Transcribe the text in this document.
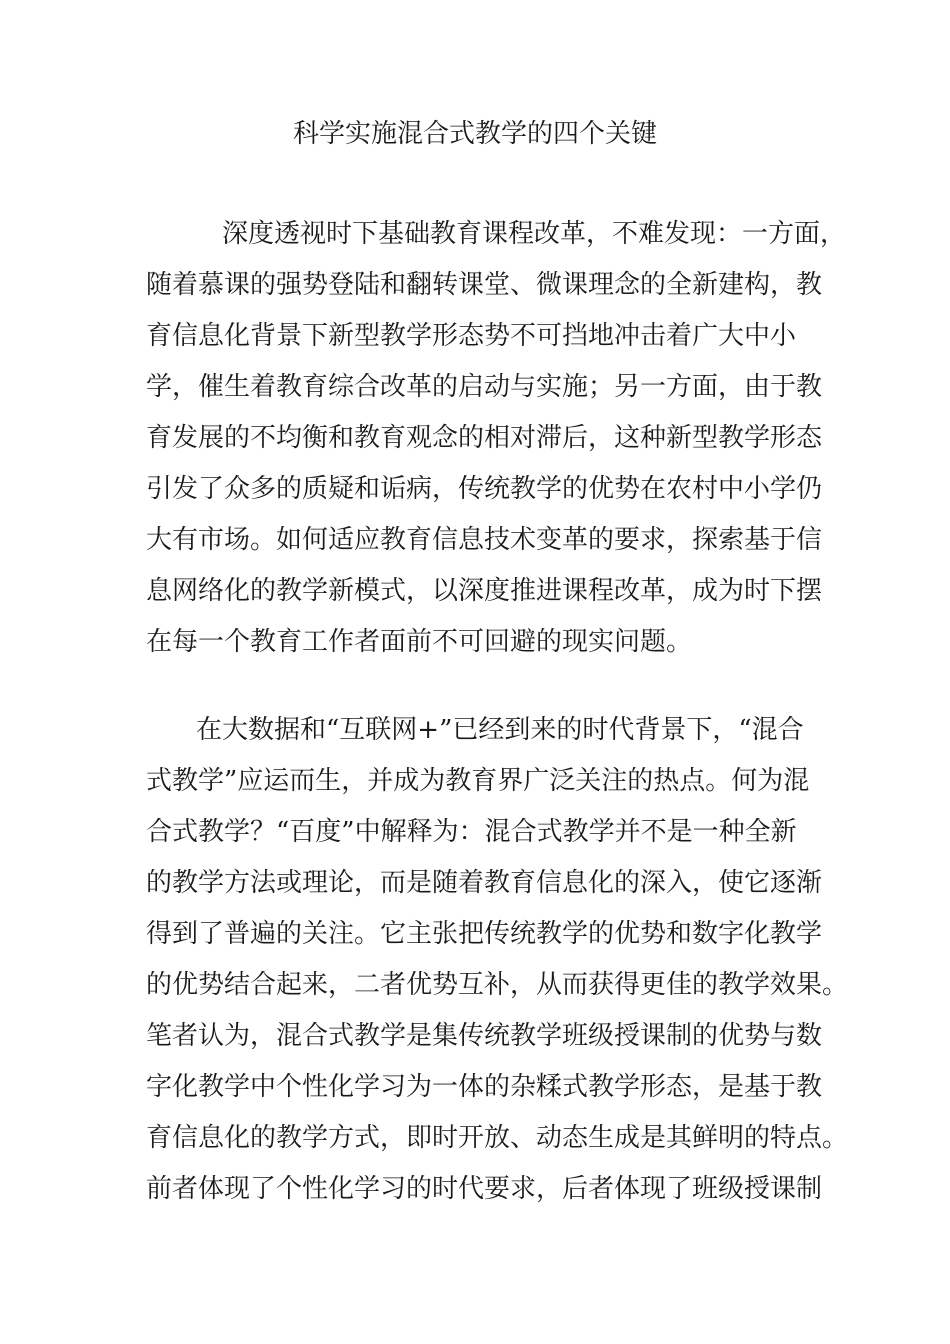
科学实施混合式教学的四个关键
深度透视时下基础教育课程改革，不难发现：一方面，
随着慕课的强势登陆和翻转课堂、微课理念的全新建构，教
育信息化背景下新型教学形态势不可挡地冲击着广大中小
学，催生着教育综合改革的启动与实施；另一方面，由于教
育发展的不均衡和教育观念的相对滞后，这种新型教学形态
引发了众多的质疑和诟病，传统教学的优势在农村中小学仍
大有市场。如何适应教育信息技术变革的要求，探索基于信
息网络化的教学新模式，以深度推进课程改革，成为时下摆
在每一个教育工作者面前不可回避的现实问题。
在大数据和“互联网+”已经到来的时代背景下，“混合
式教学”应运而生，并成为教育界广泛关注的热点。何为混
合式教学？“百度”中解释为：混合式教学并不是一种全新
的教学方法或理论，而是随着教育信息化的深入，使它逐渐
得到了普遍的关注。它主张把传统教学的优势和数字化教学
的优势结合起来，二者优势互补，从而获得更佳的教学效果。
笔者认为，混合式教学是集传统教学班级授课制的优势与数
字化教学中个性化学习为一体的杂糅式教学形态，是基于教
育信息化的教学方式，即时开放、动态生成是其鲜明的特点。
前者体现了个性化学习的时代要求，后者体现了班级授课制
